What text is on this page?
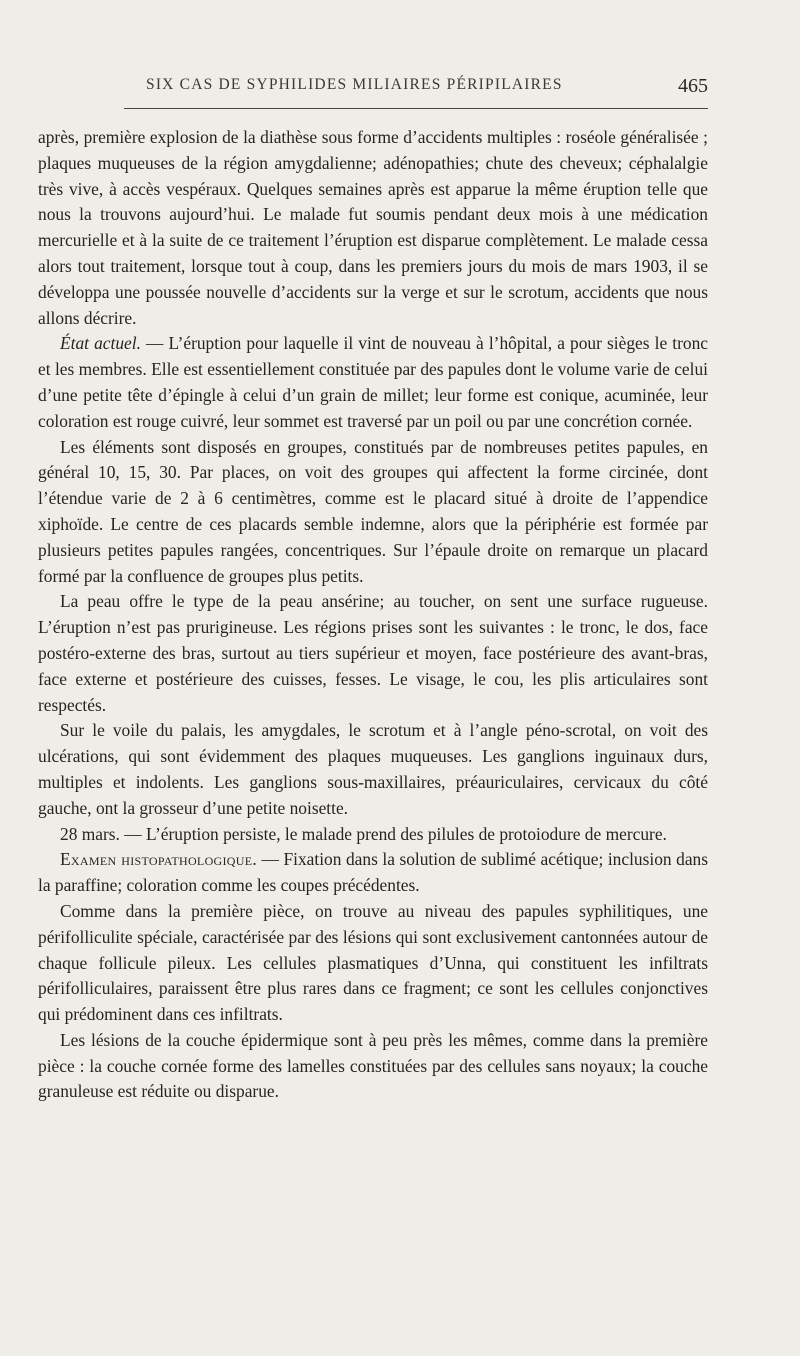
SIX CAS DE SYPHILIDES MILIAIRES PÉRIPILAIRES	465

après, première explosion de la diathèse sous forme d’accidents multiples : roséole généralisée ; plaques muqueuses de la région amygdalienne; adénopathies; chute des cheveux; céphalalgie très vive, à accès vespéraux. Quelques semaines après est apparue la même éruption telle que nous la trouvons aujourd’hui. Le malade fut soumis pendant deux mois à une médication mercurielle et à la suite de ce traitement l’éruption est disparue complètement. Le malade cessa alors tout traitement, lorsque tout à coup, dans les premiers jours du mois de mars 1903, il se développa une poussée nouvelle d’accidents sur la verge et sur le scrotum, accidents que nous allons décrire.

État actuel. — L’éruption pour laquelle il vint de nouveau à l’hôpital, a pour sièges le tronc et les membres. Elle est essentiellement constituée par des papules dont le volume varie de celui d’une petite tête d’épingle à celui d’un grain de millet; leur forme est conique, acuminée, leur coloration est rouge cuivré, leur sommet est traversé par un poil ou par une concrétion cornée.

Les éléments sont disposés en groupes, constitués par de nombreuses petites papules, en général 10, 15, 30. Par places, on voit des groupes qui affectent la forme circinée, dont l’étendue varie de 2 à 6 centimètres, comme est le placard situé à droite de l’appendice xiphoïde. Le centre de ces placards semble indemne, alors que la périphérie est formée par plusieurs petites papules rangées, concentriques. Sur l’épaule droite on remarque un placard formé par la confluence de groupes plus petits.

La peau offre le type de la peau ansérine; au toucher, on sent une surface rugueuse. L’éruption n’est pas prurigineuse. Les régions prises sont les suivantes : le tronc, le dos, face postéro-externe des bras, surtout au tiers supérieur et moyen, face postérieure des avant-bras, face externe et postérieure des cuisses, fesses. Le visage, le cou, les plis articulaires sont respectés.

Sur le voile du palais, les amygdales, le scrotum et à l’angle péno-scrotal, on voit des ulcérations, qui sont évidemment des plaques muqueuses. Les ganglions inguinaux durs, multiples et indolents. Les ganglions sous-maxillaires, préauriculaires, cervicaux du côté gauche, ont la grosseur d’une petite noisette.

28 mars. — L’éruption persiste, le malade prend des pilules de protoiodure de mercure.

Examen histopathologique. — Fixation dans la solution de sublimé acétique; inclusion dans la paraffine; coloration comme les coupes précédentes.

Comme dans la première pièce, on trouve au niveau des papules syphilitiques, une périfolliculite spéciale, caractérisée par des lésions qui sont exclusivement cantonnées autour de chaque follicule pileux. Les cellules plasmatiques d’Unna, qui constituent les infiltrats périfolliculaires, paraissent être plus rares dans ce fragment; ce sont les cellules conjonctives qui prédominent dans ces infiltrats.

Les lésions de la couche épidermique sont à peu près les mêmes, comme dans la première pièce : la couche cornée forme des lamelles constituées par des cellules sans noyaux; la couche granuleuse est réduite ou disparue.
